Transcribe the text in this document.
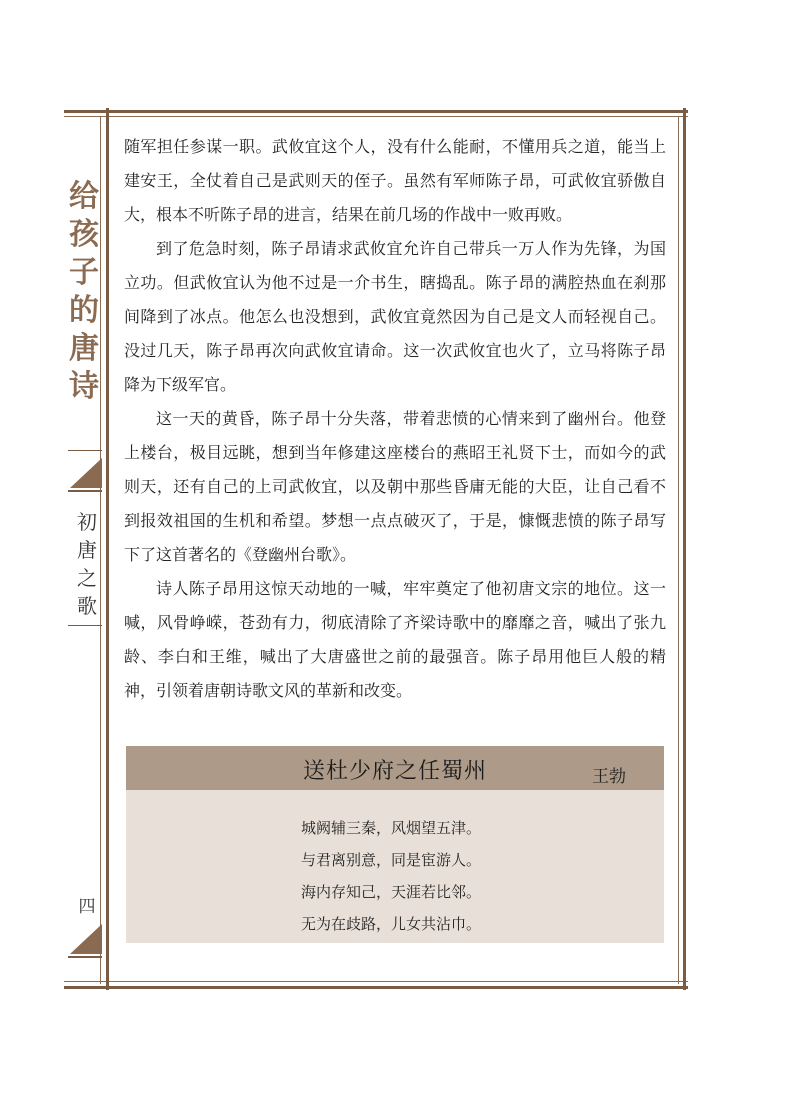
给
孩
子
的
唐
诗
初
唐
之
歌
四

随军担任参谋一职。武攸宜这个人，没有什么能耐，不懂用兵之道，能当上建安王，全仗着自己是武则天的侄子。虽然有军师陈子昂，可武攸宜骄傲自大，根本不听陈子昂的进言，结果在前几场的作战中一败再败。

到了危急时刻，陈子昂请求武攸宜允许自己带兵一万人作为先锋，为国立功。但武攸宜认为他不过是一介书生，瞎捣乱。陈子昂的满腔热血在刹那间降到了冰点。他怎么也没想到，武攸宜竟然因为自己是文人而轻视自己。没过几天，陈子昂再次向武攸宜请命。这一次武攸宜也火了，立马将陈子昂降为下级军官。

这一天的黄昏，陈子昂十分失落，带着悲愤的心情来到了幽州台。他登上楼台，极目远眺，想到当年修建这座楼台的燕昭王礼贤下士，而如今的武则天，还有自己的上司武攸宜，以及朝中那些昏庸无能的大臣，让自己看不到报效祖国的生机和希望。梦想一点点破灭了，于是，慷慨悲愤的陈子昂写下了这首著名的《登幽州台歌》。

诗人陈子昂用这惊天动地的一喊，牢牢奠定了他初唐文宗的地位。这一喊，风骨峥嵘，苍劲有力，彻底清除了齐梁诗歌中的靡靡之音，喊出了张九龄、李白和王维，喊出了大唐盛世之前的最强音。陈子昂用他巨人般的精神，引领着唐朝诗歌文风的革新和改变。

送杜少府之任蜀州	王勃
城阙辅三秦，风烟望五津。
与君离别意，同是宦游人。
海内存知己，天涯若比邻。
无为在歧路，儿女共沾巾。
